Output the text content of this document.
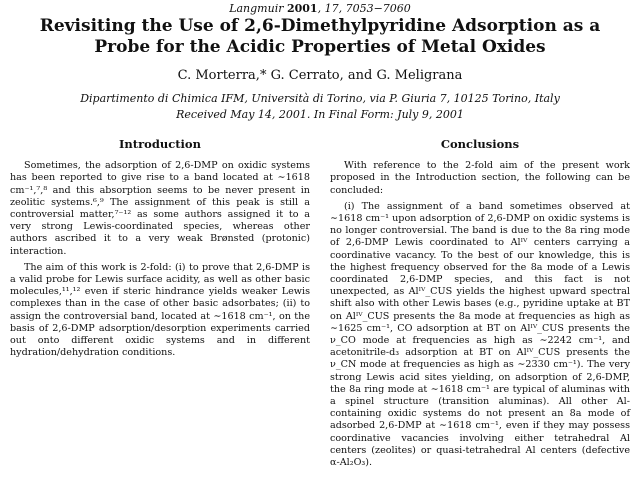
Langmuir 2001, 17, 7053−7060
Revisiting the Use of 2,6-Dimethylpyridine Adsorption as a Probe for the Acidic Properties of Metal Oxides
C. Morterra,* G. Cerrato, and G. Meligrana
Dipartimento di Chimica IFM, Università di Torino, via P. Giuria 7, 10125 Torino, Italy
Received May 14, 2001. In Final Form: July 9, 2001
Introduction

Sometimes, the adsorption of 2,6-DMP on oxidic systems has been reported to give rise to a band located at ∼1618 cm⁻¹,⁷,⁸ and this absorption seems to be never present in zeolitic systems.⁶,⁹ The assignment of this peak is still a controversial matter,⁷⁻¹² as some authors assigned it to a very strong Lewis-coordinated species, whereas other authors ascribed it to a very weak Brønsted (protonic) interaction.

The aim of this work is 2-fold: (i) to prove that 2,6-DMP is a valid probe for Lewis surface acidity, as well as other basic molecules,¹¹,¹² even if steric hindrance yields weaker Lewis complexes than in the case of other basic adsorbates; (ii) to assign the controversial band, located at ∼1618 cm⁻¹, on the basis of 2,6-DMP adsorption/desorption experiments carried out onto different oxidic systems and in different hydration/dehydration conditions.

Conclusions

With reference to the 2-fold aim of the present work proposed in the Introduction section, the following can be concluded:

(i) The assignment of a band sometimes observed at ∼1618 cm⁻¹ upon adsorption of 2,6-DMP on oxidic systems is no longer controversial. The band is due to the 8a ring mode of 2,6-DMP Lewis coordinated to Alᴵⱽ centers carrying a coordinative vacancy. To the best of our knowledge, this is the highest frequency observed for the 8a mode of a Lewis coordinated 2,6-DMP species, and this fact is not unexpected, as Alᴵⱽ_CUS yields the highest upward spectral shift also with other Lewis bases (e.g., pyridine uptake at BT on Alᴵⱽ_CUS presents the 8a mode at frequencies as high as ∼1625 cm⁻¹, CO adsorption at BT on Alᴵⱽ_CUS presents the ν_CO mode at frequencies as high as ∼2242 cm⁻¹, and acetonitrile-d₃ adsorption at BT on Alᴵⱽ_CUS presents the ν_CN mode at frequencies as high as ∼2330 cm⁻¹). The very strong Lewis acid sites yielding, on adsorption of 2,6-DMP, the 8a ring mode at ∼1618 cm⁻¹ are typical of aluminas with a spinel structure (transition aluminas). All other Al-containing oxidic systems do not present an 8a mode of adsorbed 2,6-DMP at ∼1618 cm⁻¹, even if they may possess coordinative vacancies involving either tetrahedral Al centers (zeolites) or quasi-tetrahedral Al centers (defective α-Al₂O₃).
